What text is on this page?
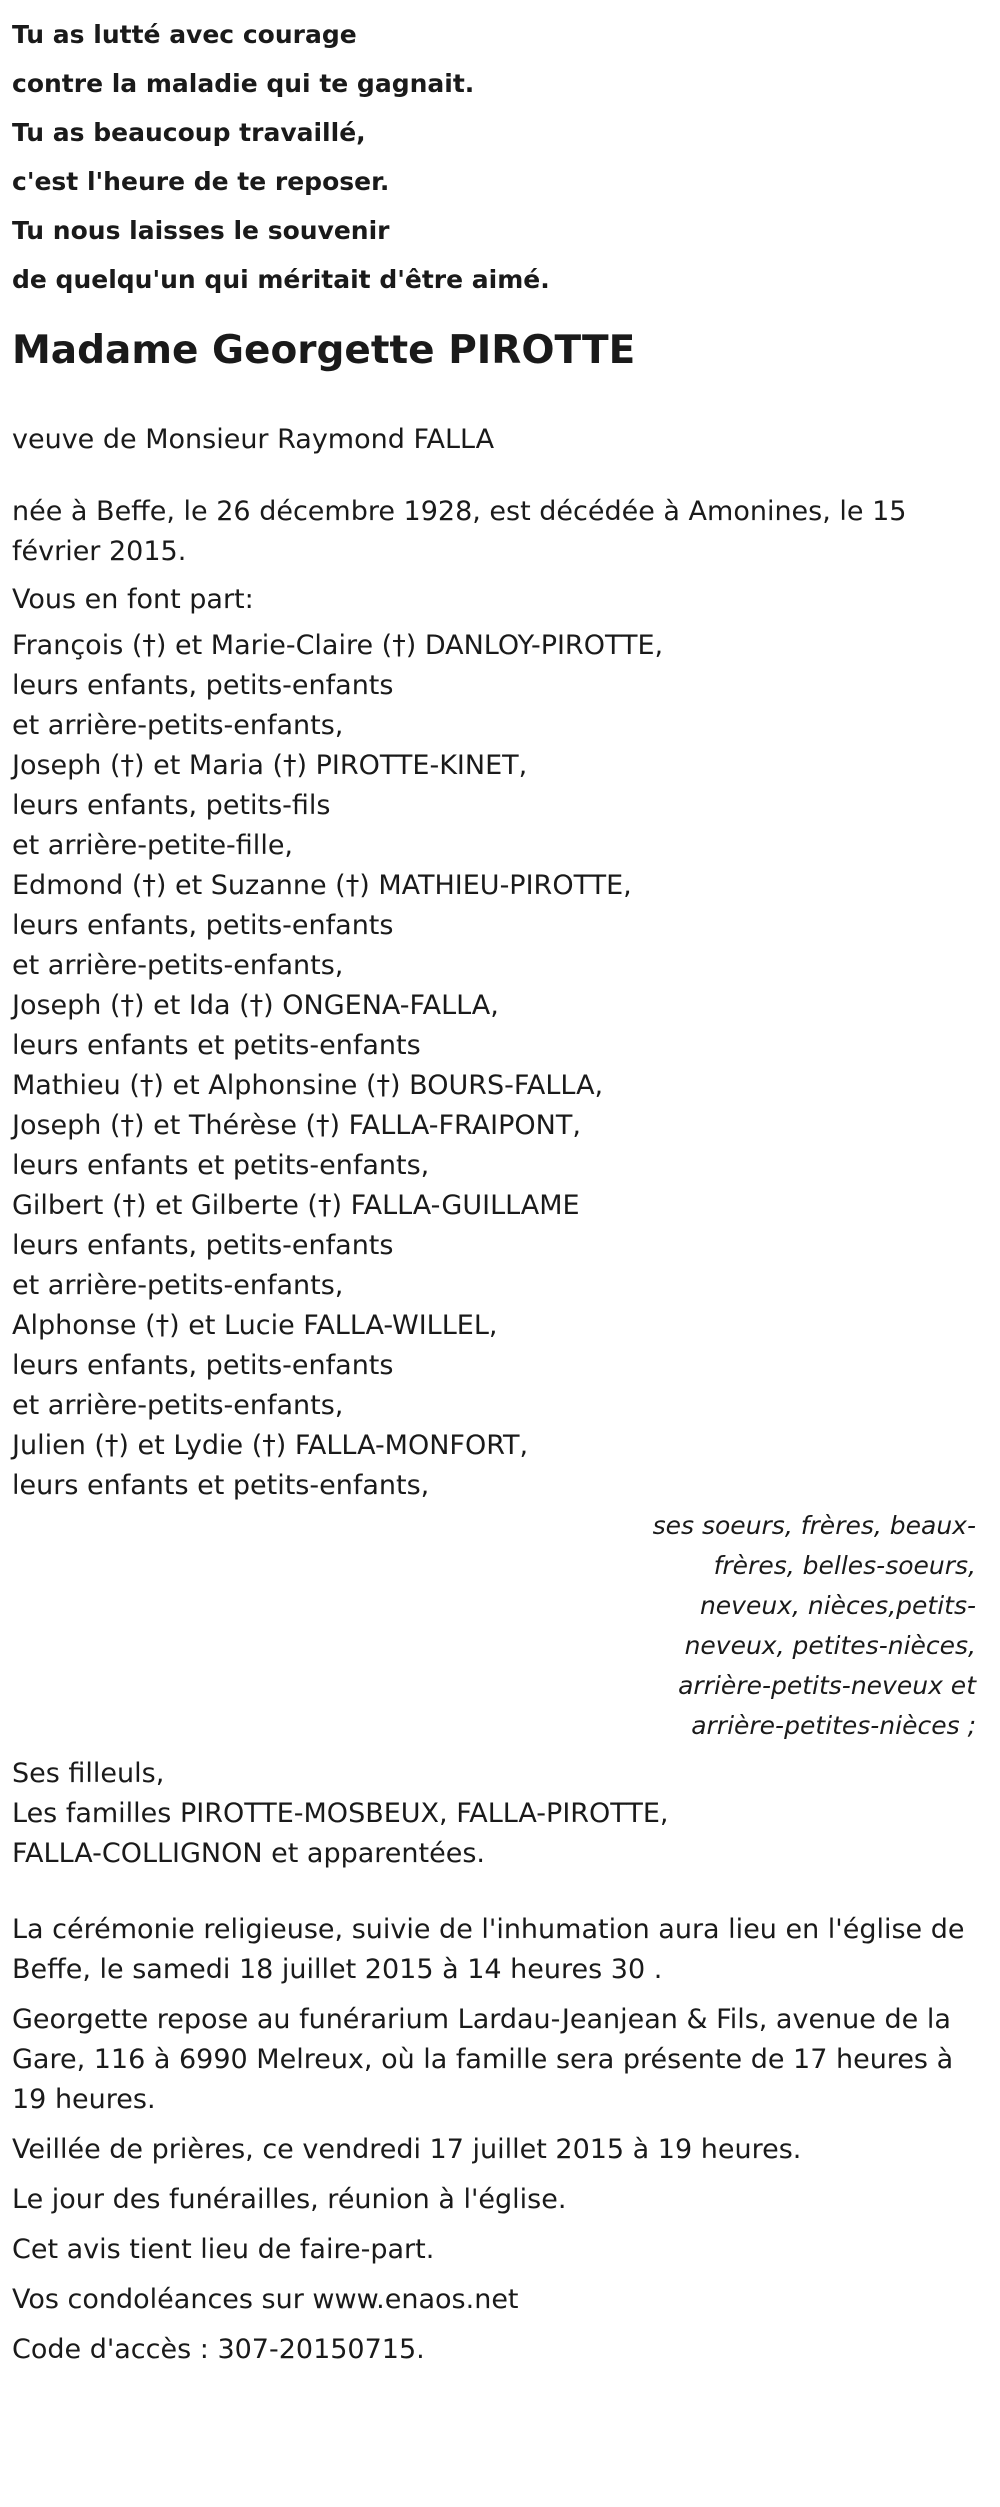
Tu as lutté avec courage
contre la maladie qui te gagnait.
Tu as beaucoup travaillé,
c'est l'heure de te reposer.
Tu nous laisses le souvenir
de quelqu'un qui méritait d'être aimé.
Madame Georgette PIROTTE
veuve de Monsieur Raymond FALLA
née à Beffe, le 26 décembre 1928, est décédée à Amonines, le 15 février 2015.
Vous en font part:
François (†) et Marie-Claire (†) DANLOY-PIROTTE,
leurs enfants, petits-enfants
et arrière-petits-enfants,
Joseph (†) et Maria (†) PIROTTE-KINET,
leurs enfants, petits-fils
et arrière-petite-fille,
Edmond (†) et Suzanne (†) MATHIEU-PIROTTE,
leurs enfants, petits-enfants
et arrière-petits-enfants,
Joseph (†) et Ida (†) ONGENA-FALLA,
leurs enfants et petits-enfants
Mathieu (†) et Alphonsine (†) BOURS-FALLA,
Joseph (†) et Thérèse (†) FALLA-FRAIPONT,
leurs enfants et petits-enfants,
Gilbert (†) et Gilberte (†) FALLA-GUILLAME
leurs enfants, petits-enfants
et arrière-petits-enfants,
Alphonse (†) et Lucie FALLA-WILLEL,
leurs enfants, petits-enfants
et arrière-petits-enfants,
Julien (†) et Lydie (†) FALLA-MONFORT,
leurs enfants et petits-enfants,
ses soeurs, frères, beaux-frères, belles-soeurs,
neveux, nièces,petits-neveux, petites-nièces,
arrière-petits-neveux et arrière-petites-nièces ;
Ses filleuls,
Les familles PIROTTE-MOSBEUX, FALLA-PIROTTE,
FALLA-COLLIGNON et apparentées.
La cérémonie religieuse, suivie de l'inhumation aura lieu en l'église de Beffe, le samedi 18 juillet 2015 à 14 heures 30 .
Georgette repose au funérarium Lardau-Jeanjean & Fils, avenue de la Gare, 116 à 6990 Melreux, où la famille sera présente de 17 heures à 19 heures.
Veillée de prières, ce vendredi 17 juillet 2015 à 19 heures.
Le jour des funérailles, réunion à l'église.
Cet avis tient lieu de faire-part.
Vos condoléances sur www.enaos.net
Code d'accès : 307-20150715.
